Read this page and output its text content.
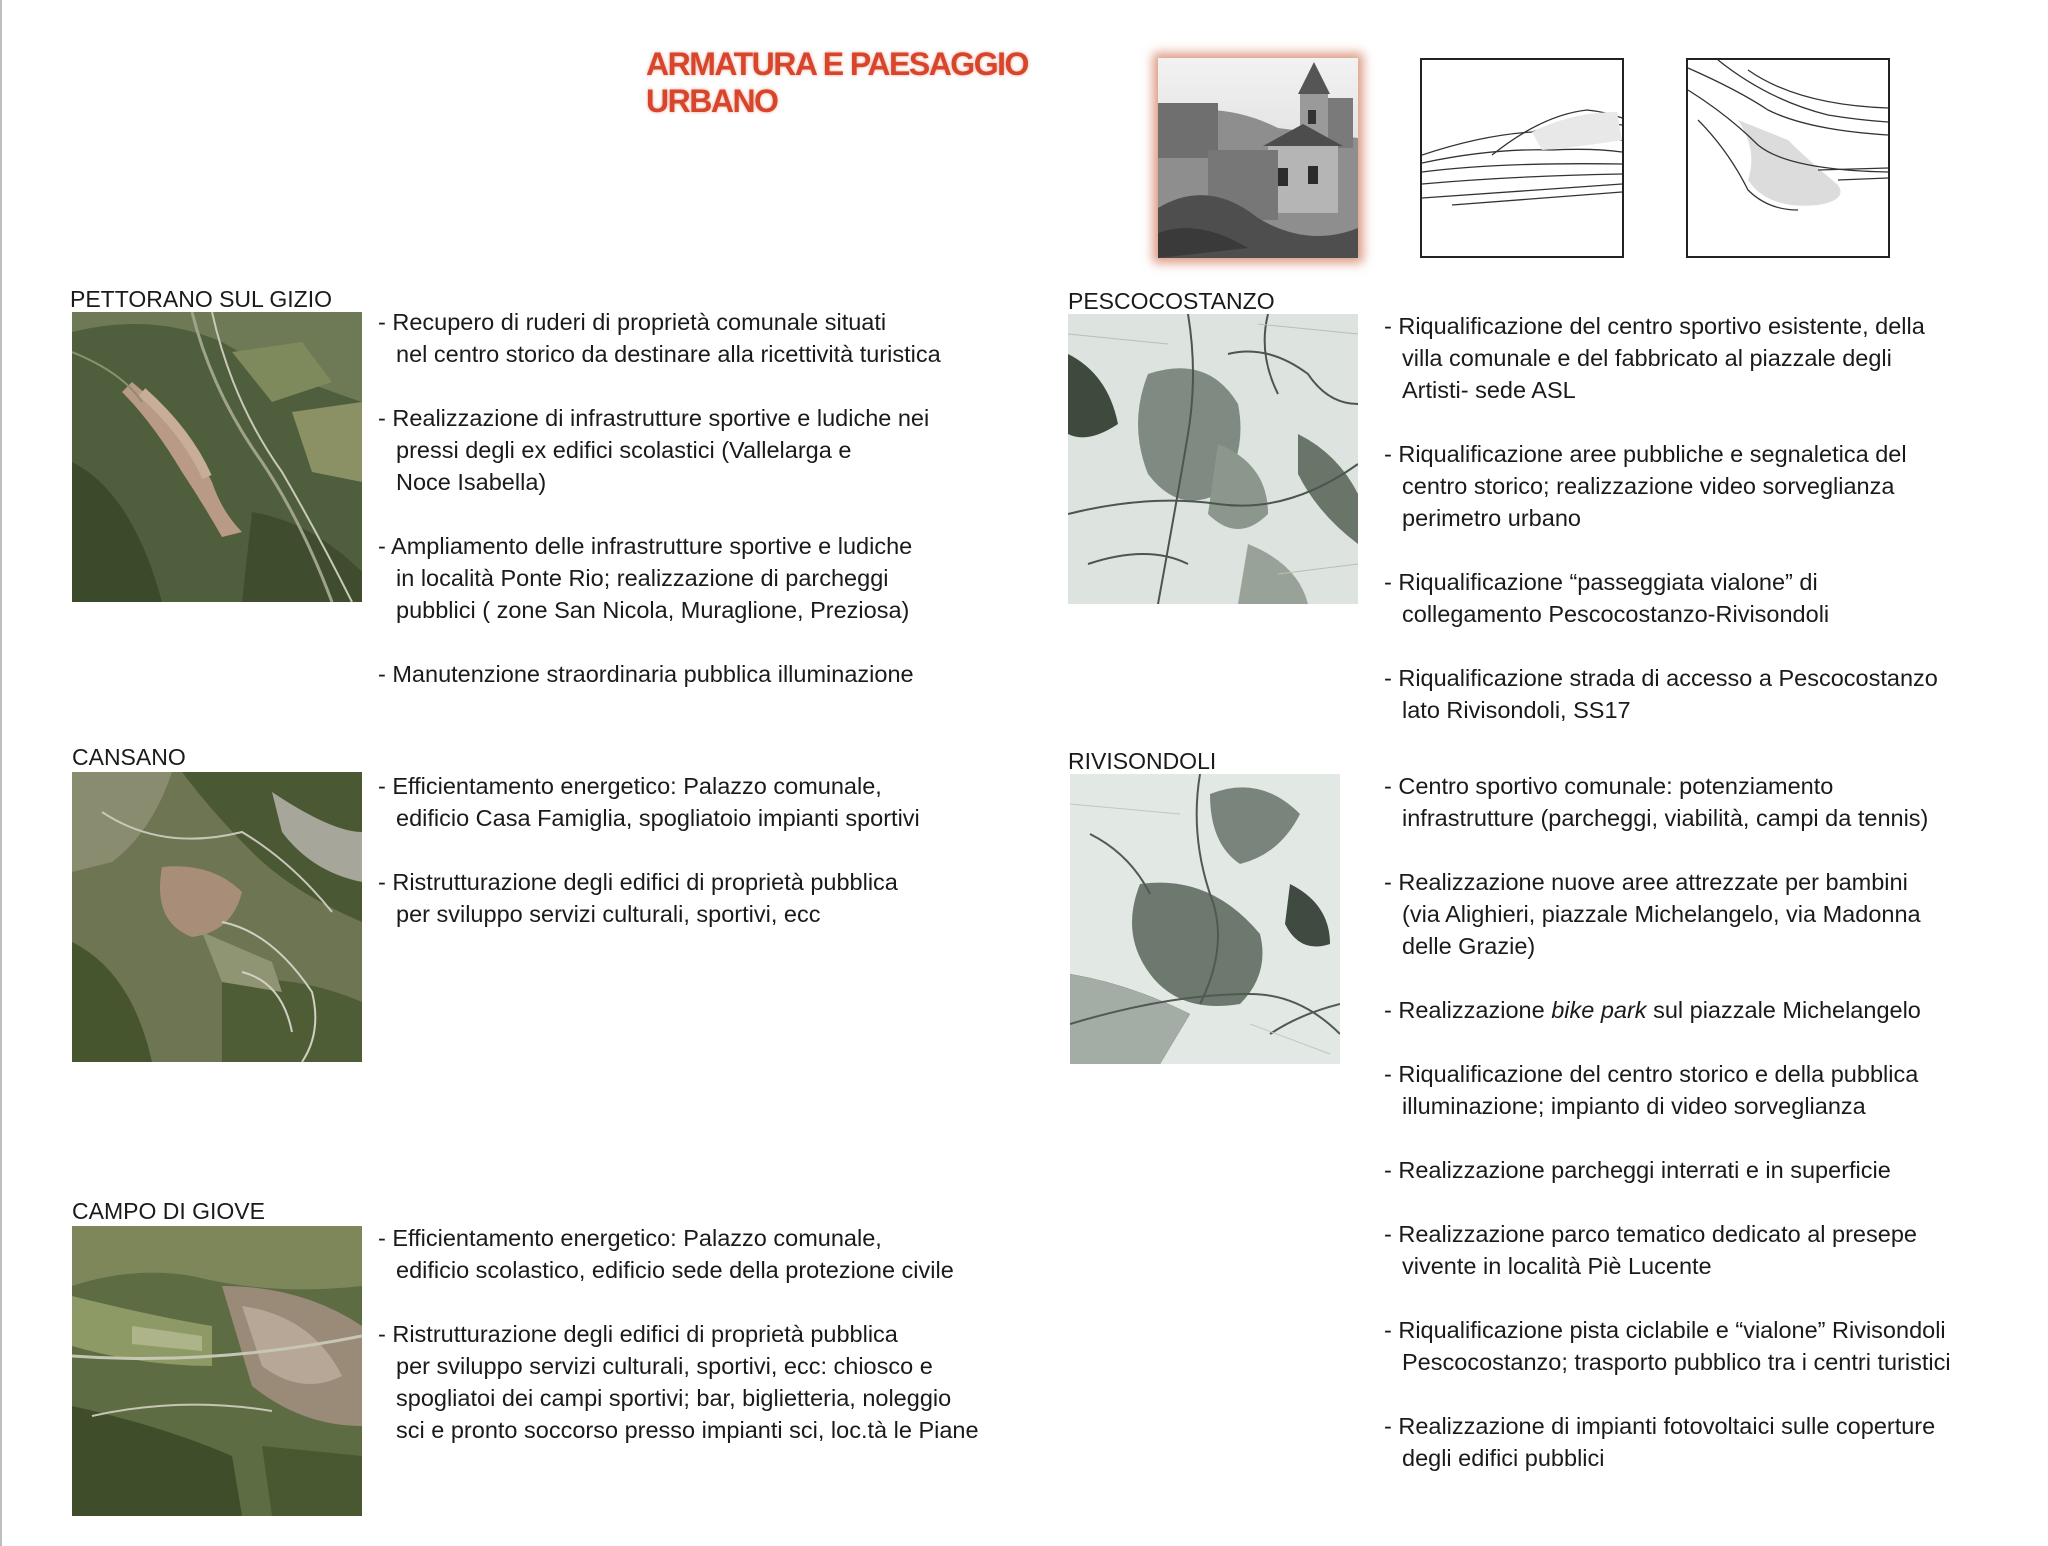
ARMATURA E PAESAGGIO URBANO
PETTORANO SUL GIZIO
- Recupero di ruderi di proprietà comunale situati
nel centro storico da destinare alla ricettività turistica
- Realizzazione di infrastrutture sportive e ludiche nei
pressi degli ex edifici scolastici (Vallelarga e
Noce Isabella)
- Ampliamento delle infrastrutture sportive e ludiche
in località Ponte Rio; realizzazione di parcheggi
pubblici ( zone San Nicola, Muraglione, Preziosa)
- Manutenzione straordinaria pubblica illuminazione
CANSANO
- Efficientamento energetico: Palazzo comunale,
edificio Casa Famiglia, spogliatoio impianti sportivi
- Ristrutturazione degli edifici di proprietà pubblica
per sviluppo servizi culturali, sportivi, ecc
CAMPO DI GIOVE
- Efficientamento energetico: Palazzo comunale,
edificio scolastico, edificio sede della protezione civile
- Ristrutturazione degli edifici di proprietà pubblica
per sviluppo servizi culturali, sportivi, ecc: chiosco e
spogliatoi dei campi sportivi; bar, biglietteria, noleggio
sci e pronto soccorso presso impianti sci, loc.tà le Piane
PESCOCOSTANZO
- Riqualificazione del centro sportivo esistente, della
villa comunale e del fabbricato al piazzale degli
Artisti- sede ASL
- Riqualificazione aree pubbliche e segnaletica del
centro storico; realizzazione video sorveglianza
perimetro urbano
- Riqualificazione “passeggiata vialone” di
collegamento Pescocostanzo-Rivisondoli
- Riqualificazione strada di accesso a Pescocostanzo
lato Rivisondoli, SS17
RIVISONDOLI
- Centro sportivo comunale: potenziamento
infrastrutture (parcheggi, viabilità, campi da tennis)
- Realizzazione nuove aree attrezzate per bambini
(via Alighieri, piazzale Michelangelo, via Madonna
delle Grazie)
- Realizzazione bike park sul piazzale Michelangelo
- Riqualificazione del centro storico e della pubblica
illuminazione; impianto di video sorveglianza
- Realizzazione parcheggi interrati e in superficie
- Realizzazione parco tematico dedicato al presepe
vivente in località Piè Lucente
- Riqualificazione pista ciclabile e “vialone” Rivisondoli
Pescocostanzo; trasporto pubblico tra i centri turistici
- Realizzazione di impianti fotovoltaici sulle coperture
degli edifici pubblici
